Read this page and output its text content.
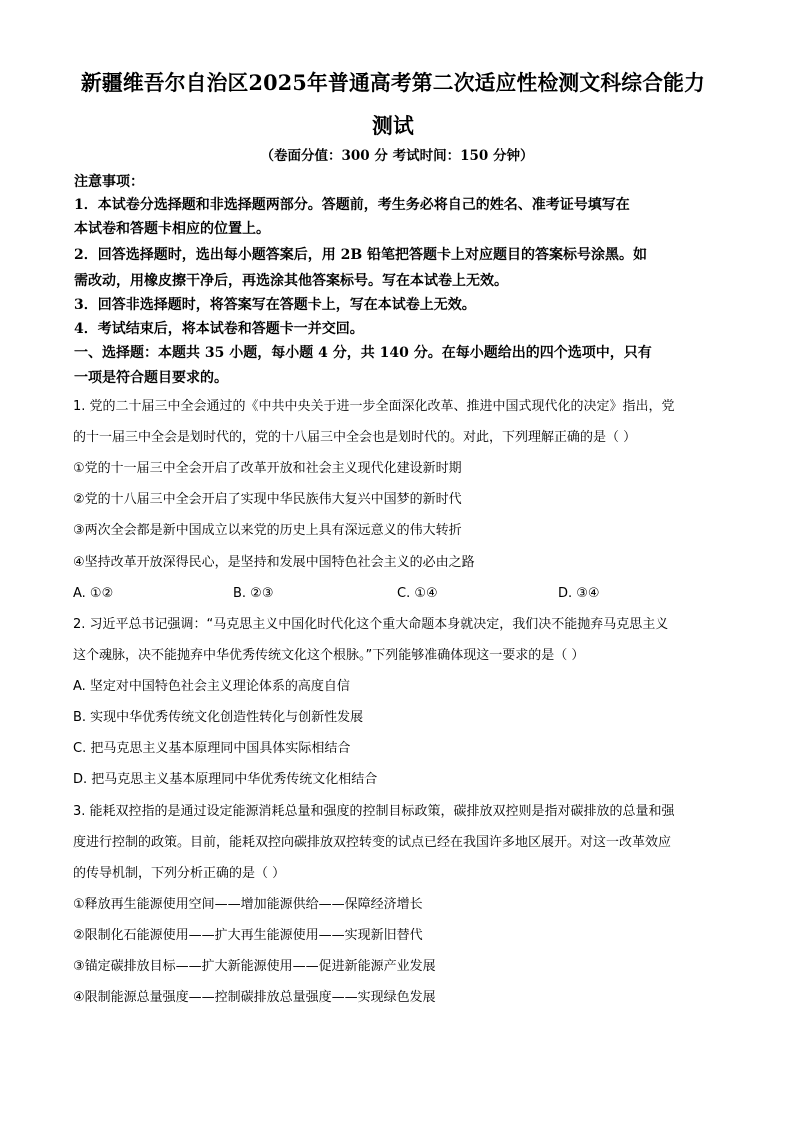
新疆维吾尔自治区2025年普通高考第二次适应性检测文科综合能力
测试
（卷面分值：300 分 考试时间：150 分钟）
注意事项：
1．本试卷分选择题和非选择题两部分。答题前，考生务必将自己的姓名、准考证号填写在
本试卷和答题卡相应的位置上。
2．回答选择题时，选出每小题答案后，用 2B 铅笔把答题卡上对应题目的答案标号涂黑。如
需改动，用橡皮擦干净后，再选涂其他答案标号。写在本试卷上无效。
3．回答非选择题时，将答案写在答题卡上，写在本试卷上无效。
4．考试结束后，将本试卷和答题卡一并交回。
一、选择题：本题共 35 小题，每小题 4 分，共 140 分。在每小题给出的四个选项中，只有
一项是符合题目要求的。
1. 党的二十届三中全会通过的《中共中央关于进一步全面深化改革、推进中国式现代化的决定》指出，党
的十一届三中全会是划时代的，党的十八届三中全会也是划时代的。对此，下列理解正确的是（ ）
①党的十一届三中全会开启了改革开放和社会主义现代化建设新时期
②党的十八届三中全会开启了实现中华民族伟大复兴中国梦的新时代
③两次全会都是新中国成立以来党的历史上具有深远意义的伟大转折
④坚持改革开放深得民心，是坚持和发展中国特色社会主义的必由之路
A. ①②	B. ②③	C. ①④	D. ③④
2. 习近平总书记强调：“马克思主义中国化时代化这个重大命题本身就决定，我们决不能抛弃马克思主义
这个魂脉，决不能抛弃中华优秀传统文化这个根脉。”下列能够准确体现这一要求的是（ ）
A. 坚定对中国特色社会主义理论体系的高度自信
B. 实现中华优秀传统文化创造性转化与创新性发展
C. 把马克思主义基本原理同中国具体实际相结合
D. 把马克思主义基本原理同中华优秀传统文化相结合
3. 能耗双控指的是通过设定能源消耗总量和强度的控制目标政策，碳排放双控则是指对碳排放的总量和强
度进行控制的政策。目前，能耗双控向碳排放双控转变的试点已经在我国许多地区展开。对这一改革效应
的传导机制，下列分析正确的是（ ）
①释放再生能源使用空间——增加能源供给——保障经济增长
②限制化石能源使用——扩大再生能源使用——实现新旧替代
③锚定碳排放目标——扩大新能源使用——促进新能源产业发展
④限制能源总量强度——控制碳排放总量强度——实现绿色发展
